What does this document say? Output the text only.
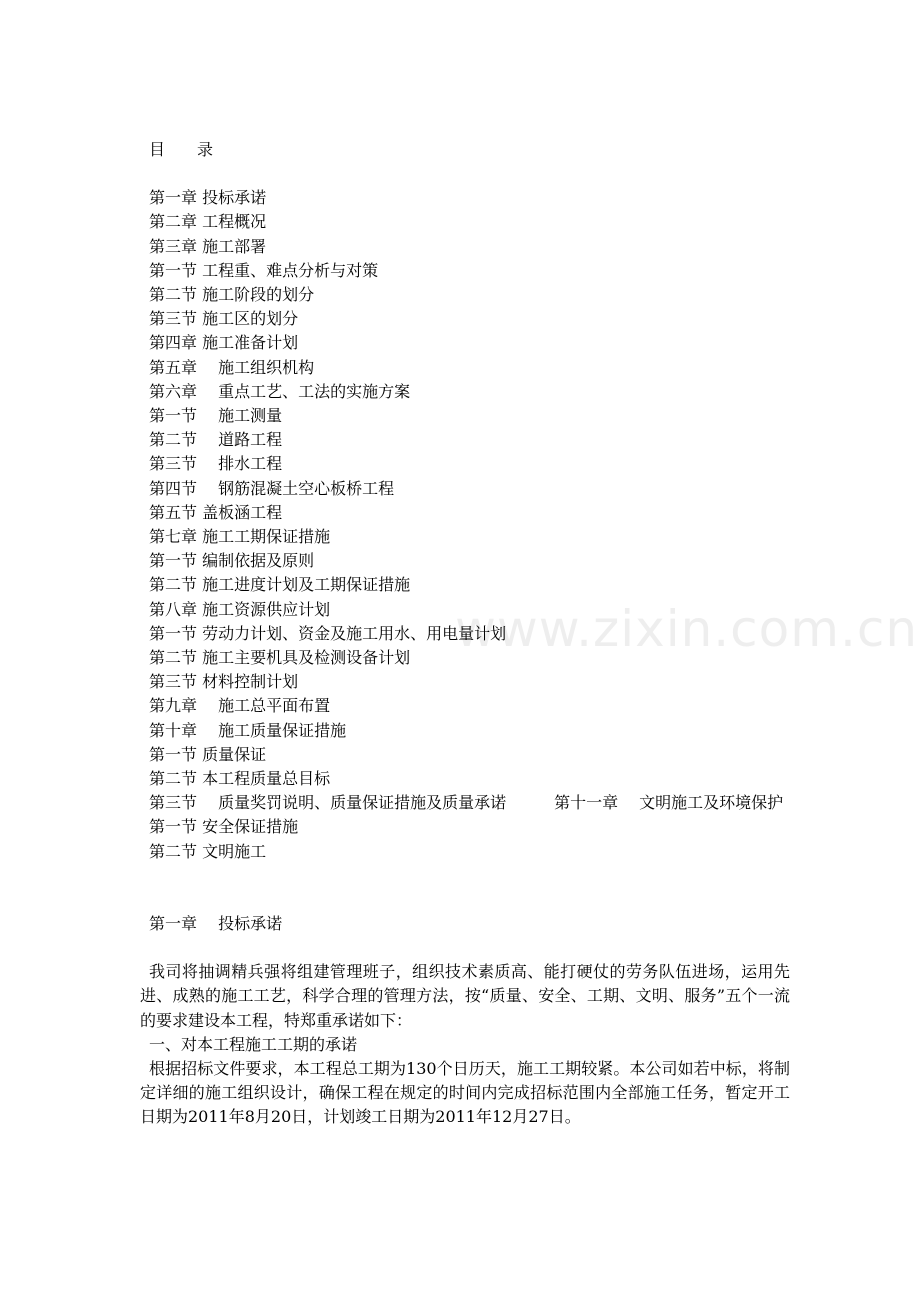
www.zixin.com.cn
目　　录
第一章 投标承诺
第二章 工程概况
第三章 施工部署
第一节 工程重、难点分析与对策
第二节 施工阶段的划分
第三节 施工区的划分
第四章 施工准备计划
第五章　 施工组织机构
第六章　 重点工艺、工法的实施方案
第一节　 施工测量
第二节　 道路工程
第三节　 排水工程
第四节　 钢筋混凝土空心板桥工程
第五节 盖板涵工程
第七章 施工工期保证措施
第一节 编制依据及原则
第二节 施工进度计划及工期保证措施
第八章 施工资源供应计划
第一节 劳动力计划、资金及施工用水、用电量计划
第二节 施工主要机具及检测设备计划
第三节 材料控制计划
第九章　 施工总平面布置
第十章　 施工质量保证措施
第一节 质量保证
第二节 本工程质量总目标
第三节　 质量奖罚说明、质量保证措施及质量承诺　　　第十一章　 文明施工及环境保护
第一节 安全保证措施
第二节 文明施工
第一章　 投标承诺

我司将抽调精兵强将组建管理班子，组织技术素质高、能打硬仗的劳务队伍进场，运用先进、成熟的施工工艺，科学合理的管理方法，按“质量、安全、工期、文明、服务”五个一流的要求建设本工程，特郑重承诺如下：

一、对本工程施工工期的承诺

根据招标文件要求，本工程总工期为130个日历天，施工工期较紧。本公司如若中标，将制定详细的施工组织设计，确保工程在规定的时间内完成招标范围内全部施工任务，暂定开工日期为2011年8月20日，计划竣工日期为2011年12月27日。
